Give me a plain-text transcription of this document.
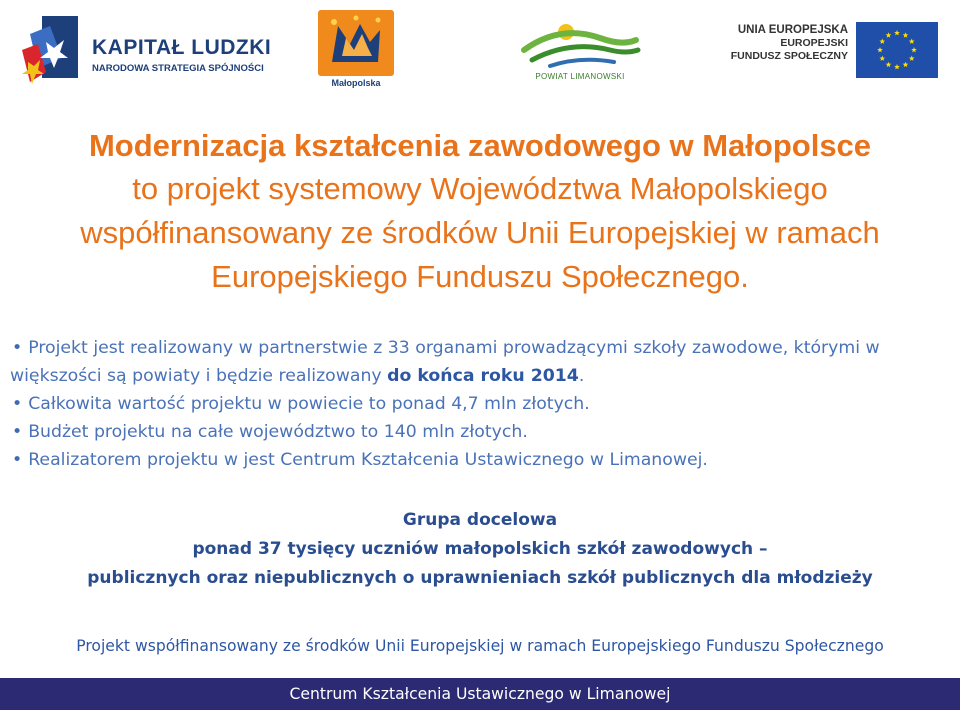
KAPITAŁ LUDZKI
NARODOWA STRATEGIA SPÓJNOŚCI
Małopolska
POWIAT LIMANOWSKI
UNIA EUROPEJSKA
EUROPEJSKI
FUNDUSZ SPOŁECZNY
Modernizacja kształcenia zawodowego w Małopolsce
to projekt systemowy Województwa Małopolskiego
współfinansowany ze środków Unii Europejskiej w ramach
Europejskiego Funduszu Społecznego.

• Projekt jest realizowany w partnerstwie z 33 organami prowadzącymi szkoły zawodowe, którymi w większości są powiaty i będzie realizowany do końca roku 2014.

• Całkowita wartość projektu w powiecie to ponad 4,7 mln złotych.

• Budżet projektu na całe województwo to 140 mln złotych.

• Realizatorem projektu w jest Centrum Kształcenia Ustawicznego w Limanowej.

Grupa docelowa
ponad 37 tysięcy uczniów małopolskich szkół zawodowych –
publicznych oraz niepublicznych o uprawnieniach szkół publicznych dla młodzieży
Projekt współfinansowany ze środków Unii Europejskiej w ramach Europejskiego Funduszu Społecznego
Centrum Kształcenia Ustawicznego w Limanowej
